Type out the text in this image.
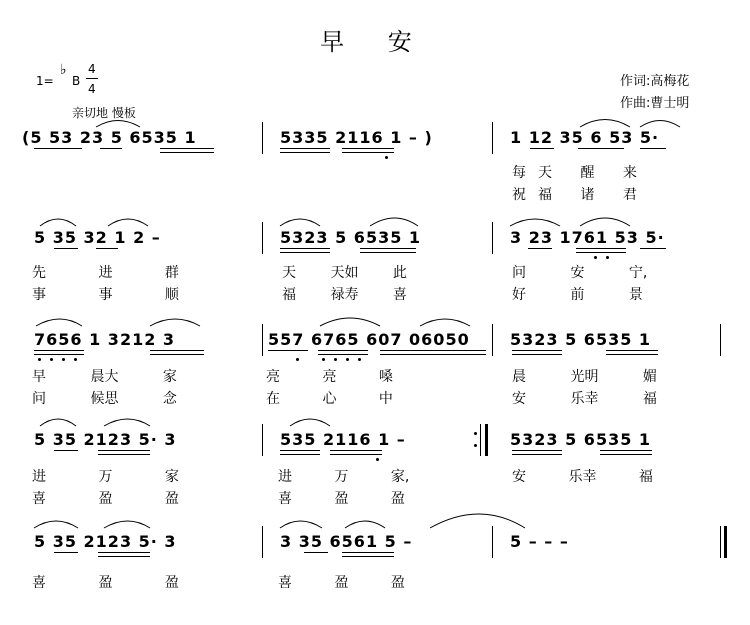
早 安
1=
♭
B
4
4
亲切地 慢板
作词:高梅花
作曲:曹士明
(5 53 23 5 6535 1	5335 2116 1 – )	1 12 35 6 53 5·
每天 醒 来
祝福 诸 君
5 35 32 1 2 –	5323 5 6535 1	3 23 1761 53 5·
先 进 群	天 天如 此	问 安 宁,
事 事 顺	福 禄寿 喜	好 前 景
7656 1 3212 3	557 6765 607 06050	5323 5 6535 1
早 晨大 家	亮 亮 嗓	晨 光明 媚
问 候思 念	在 心 中	安 乐幸 福
5 35 2123 5· 3	535 2116 1 –	5323 5 6535 1
进 万 家	进 万 家,	安 乐幸 福
喜 盈 盈	喜 盈 盈
5 35 2123 5· 3	3 35 6561 5 –	5 – – –
喜 盈 盈	喜 盈 盈
